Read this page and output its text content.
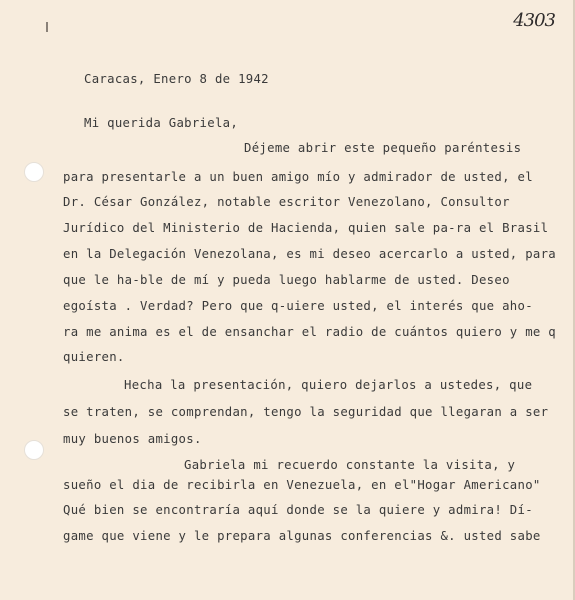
4303
Caracas, Enero 8 de 1942
Mi querida Gabriela,
Déjeme abrir este pequeño paréntesis
para presentarle a un buen amigo mío y admirador de usted, el
Dr. César González, notable escritor Venezolano, Consultor
Jurídico del Ministerio de Hacienda, quien sale pa-ra el Brasil
en la Delegación Venezolana, es mi deseo acercarlo a usted, para
que le ha-ble de mí y pueda luego hablarme de usted. Deseo
egoísta . Verdad? Pero que q-uiere usted, el interés que aho-
ra me anima es el de ensanchar el radio de cuántos quiero y me q
quieren.
Hecha la presentación, quiero dejarlos a ustedes, que
se traten, se comprendan, tengo la seguridad que llegaran a ser
muy buenos amigos.
Gabriela mi recuerdo constante la visita, y
sueño el dia de recibirla en Venezuela, en el"Hogar Americano"
Qué bien se encontraría aquí donde se la quiere y admira! Dí-
game que viene y le prepara algunas conferencias &. usted sabe
